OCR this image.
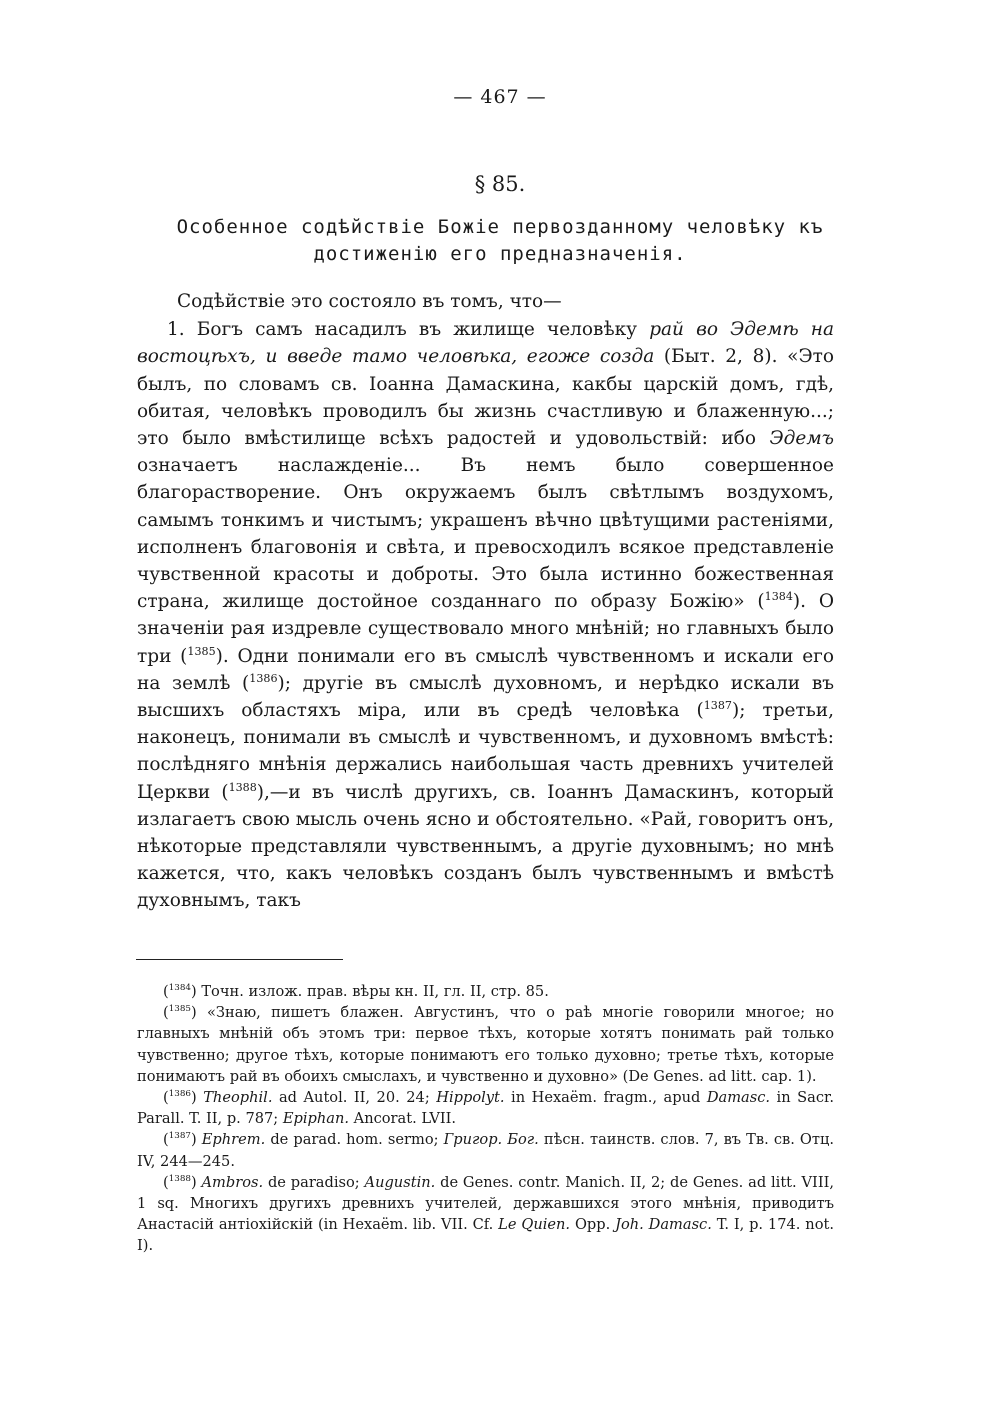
— 467 —
§ 85.
Особенное содѣйствіе Божіе первозданному человѣку къ достиженію его предназначенія.

Содѣйствіе это состояло въ томъ, что—

1. Богъ самъ насадилъ въ жилище человѣку рай во Эдемѣ на востоцѣхъ, и введе тамо человѣка, егоже созда (Быт. 2, 8). «Это былъ, по словамъ св. Іоанна Дамаскина, какбы царскій домъ, гдѣ, обитая, человѣкъ проводилъ бы жизнь счастливую и блаженную...; это было вмѣстилище всѣхъ радостей и удовольствій: ибо Эдемъ означаетъ наслажденіе... Въ немъ было совершенное благорастворение. Онъ окружаемъ былъ свѣтлымъ воздухомъ, самымъ тонкимъ и чистымъ; украшенъ вѣчно цвѣтущими растеніями, исполненъ благовонія и свѣта, и превосходилъ всякое представленіе чувственной красоты и доброты. Это была истинно божественная страна, жилище достойное созданнаго по образу Божію» ($^{1384}$). О значеніи рая издревле существовало много мнѣній; но главныхъ было три ($^{1385}$). Одни понимали его въ смыслѣ чувственномъ и искали его на землѣ ($^{1386}$); другіе въ смыслѣ духовномъ, и нерѣдко искали въ высшихъ областяхъ міра, или въ средѣ человѣка ($^{1387}$); третьи, наконецъ, понимали въ смыслѣ и чувственномъ, и духовномъ вмѣстѣ: послѣдняго мнѣнія держались наибольшая часть древнихъ учителей Церкви ($^{1388}$),—и въ числѣ другихъ, св. Іоаннъ Дамаскинъ, который излагаетъ свою мысль очень ясно и обстоятельно. «Рай, говоритъ онъ, нѣкоторые представляли чувственнымъ, а другіе духовнымъ; но мнѣ кажется, что, какъ человѣкъ созданъ былъ чувственнымъ и вмѣстѣ духовнымъ, такъ

($^{1384}$) Точн. излож. прав. вѣры кн. II, гл. II, стр. 85.

($^{1385}$) «Знаю, пишетъ блажен. Августинъ, что о раѣ многіе говорили многое; но главныхъ мнѣній объ этомъ три: первое тѣхъ, которые хотятъ понимать рай только чувственно; другое тѣхъ, которые понимаютъ его только духовно; третье тѣхъ, которые понимаютъ рай въ обоихъ смыслахъ, и чувственно и духовно» (De Genes. ad litt. cap. 1).

($^{1386}$) Theophil. ad Autol. II, 20. 24; Hippolyt. in Hexaëm. fragm., apud Damasc. in Sacr. Parall. T. II, p. 787; Epiphan. Ancorat. LVII.

($^{1387}$) Ephrem. de parad. hom. sermo; Григор. Бог. пѣсн. таинств. слов. 7, въ Тв. св. Отц. IV, 244—245.

($^{1388}$) Ambros. de paradiso; Augustin. de Genes. contr. Manich. II, 2; de Genes. ad litt. VIII, 1 sq. Многихъ другихъ древнихъ учителей, державшихся этого мнѣнія, приводитъ Анастасій антіохійскій (in Hexaëm. lib. VII. Cf. Le Quien. Opp. Joh. Damasc. T. I, p. 174. not. I).
